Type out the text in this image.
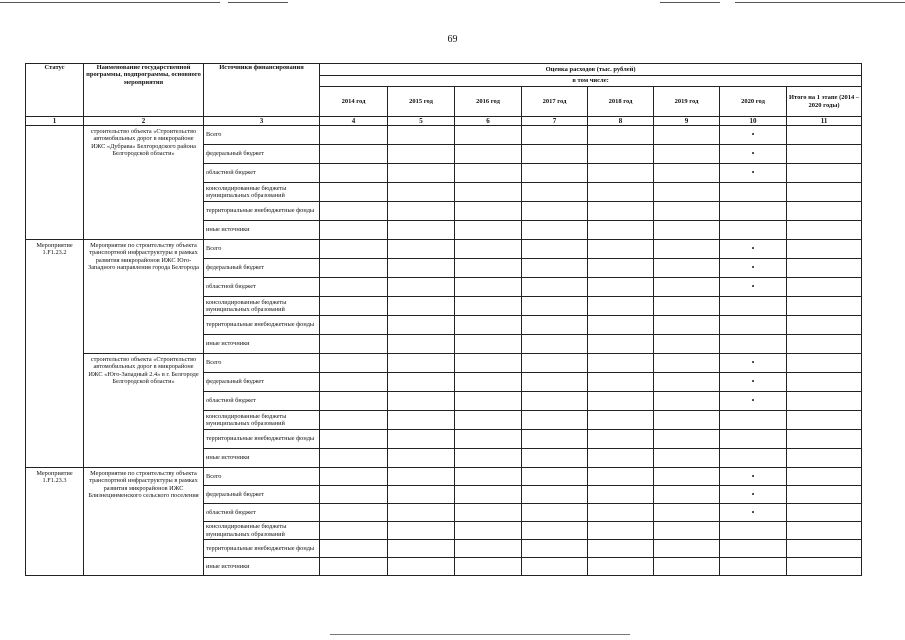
69
Статус	Наименование государственной программы, подпрограммы, основного мероприятия	Источники финансирования	Оценка расходов (тыс. рублей)							
			в том числе:							
			2014 год	2015 год	2016 год	2017 год	2018 год	2019 год	2020 год	Итого на 1 этапе (2014 – 2020 годы)
1	2	3	4	5	6	7	8	9	10	11
	строительство объекта «Строительство автомобильных дорог в микрорайоне ИЖС «Дубрава» Белгородского района Белгородской области»	Всего							•	
		федеральный бюджет							•	
		областной бюджет							•	
		консолидированные бюджеты муниципальных образований								
		территориальные внебюджетные фонды								
		иные источники								
Мероприятие 1.F1.23.2	Мероприятие по строительству объекта транспортной инфраструктуры в рамках развития микрорайонов ИЖС Юго-Западного направления города Белгорода	Всего							•	
		федеральный бюджет							•	
		областной бюджет							•	
		консолидированные бюджеты муниципальных образований								
		территориальные внебюджетные фонды								
		иные источники								
	строительство объекта «Строительство автомобильных дорог в микрорайоне ИЖС «Юго-Западный 2.4» в г. Белгороде Белгородской области»	Всего							•	
		федеральный бюджет							•	
		областной бюджет							•	
		консолидированные бюджеты муниципальных образований								
		территориальные внебюджетные фонды								
		иные источники								
Мероприятие 1.F1.23.3	Мероприятие по строительству объекта транспортной инфраструктуры в рамках развития микрорайонов ИЖС Близнецинменского сельского поселения	Всего							•	
		федеральный бюджет							•	
		областной бюджет							•	
		консолидированные бюджеты муниципальных образований								
		территориальные внебюджетные фонды								
		иные источники								
